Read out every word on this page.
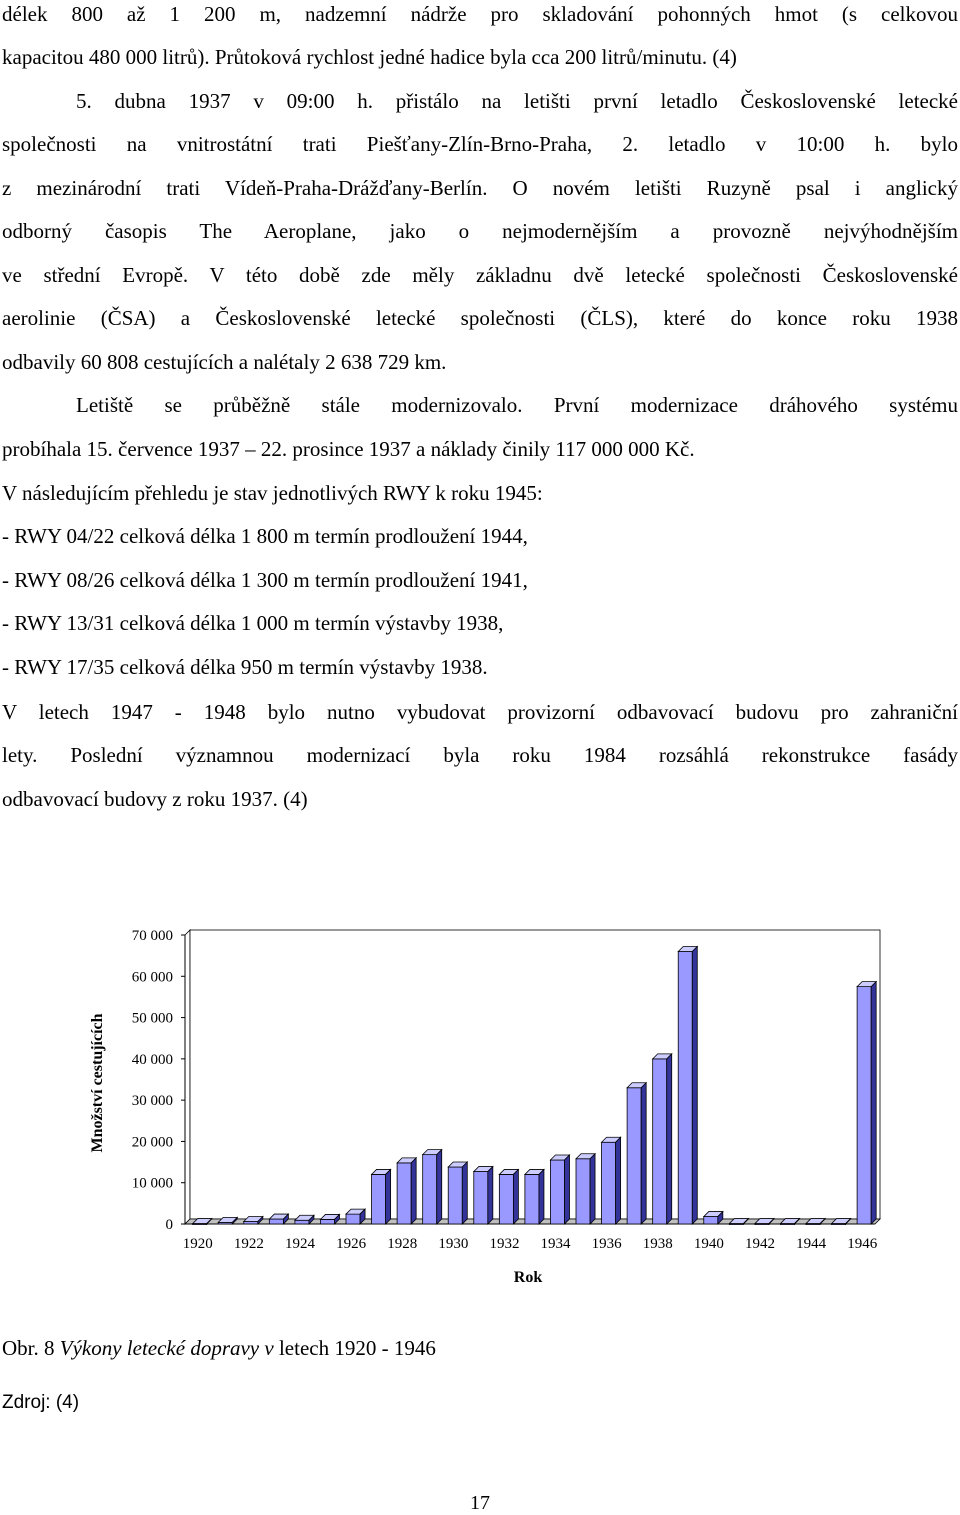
délek 800 až 1 200 m, nadzemní nádrže pro skladování pohonných hmot (s celkovou
kapacitou 480 000 litrů). Průtoková rychlost jedné hadice byla cca 200 litrů/minutu. (4)
5. dubna 1937 v 09:00 h. přistálo na letišti první letadlo Československé letecké
společnosti na vnitrostátní trati Piešťany-Zlín-Brno-Praha, 2. letadlo v 10:00 h. bylo
z mezinárodní trati Vídeň-Praha-Drážďany-Berlín. O novém letišti Ruzyně psal i anglický
odborný časopis The Aeroplane, jako o nejmodernějším a provozně nejvýhodnějším
ve střední Evropě. V této době zde měly základnu dvě letecké společnosti Československé
aerolinie (ČSA) a Československé letecké společnosti (ČLS), které do konce roku 1938
odbavily 60 808 cestujících a nalétaly 2 638 729 km.
Letiště se průběžně stále modernizovalo. První modernizace dráhového systému
probíhala 15. července 1937 – 22. prosince 1937 a náklady činily 117 000 000 Kč.
V následujícím přehledu je stav jednotlivých RWY k roku 1945:
- RWY 04/22 celková délka 1 800 m termín prodloužení 1944,
- RWY 08/26 celková délka 1 300 m termín prodloužení 1941,
- RWY 13/31 celková délka 1 000 m termín výstavby 1938,
- RWY 17/35 celková délka 950 m termín výstavby 1938.
V letech 1947 - 1948 bylo nutno vybudovat provizorní odbavovací budovu pro zahraniční
lety. Poslední významnou modernizací byla roku 1984 rozsáhlá rekonstrukce fasády
odbavovací budovy z roku 1937. (4)
0
10 000
20 000
30 000
40 000
50 000
60 000
70 000
1920 1922 1924 1926 1928 1930 1932 1934 1936 1938 1940 1942 1944 1946
Rok
Množství cestujících
Obr. 8 Výkony letecké dopravy v letech 1920 - 1946
Zdroj: (4)
17
